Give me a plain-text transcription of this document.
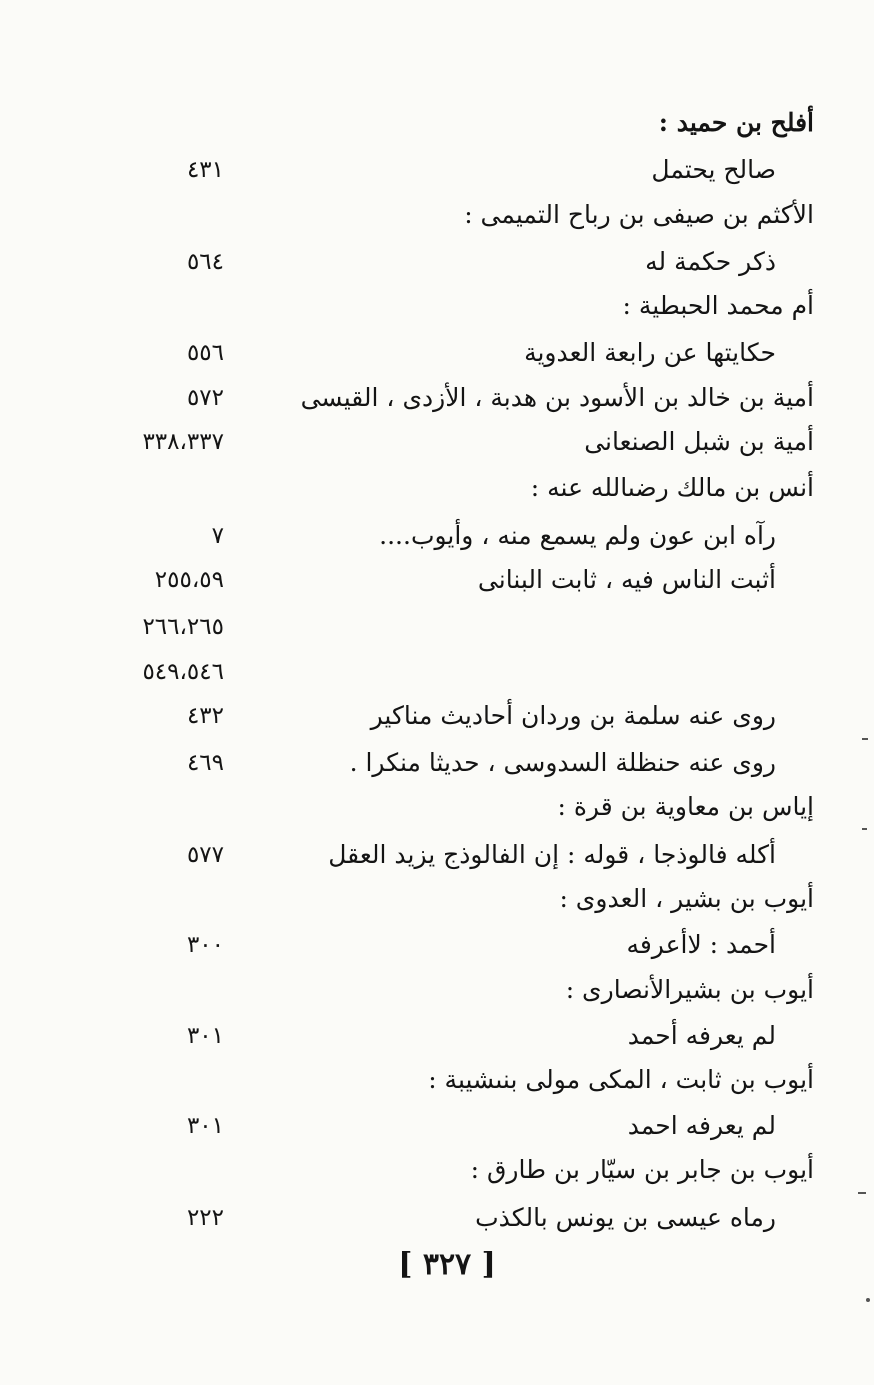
أفلح بن حميد :
صالح يحتمل
٤٣١
الأكثم بن صيفى بن رباح التميمى :
ذكر حكمة له
٥٦٤
أم محمد الحبطية :
حكايتها عن رابعة العدوية
٥٥٦
أمية بن خالد بن الأسود بن هدبة ، الأزدى ، القيسى
٥٧٢
أمية بن شبل الصنعانى
٣٣٨،٣٣٧
أنس بن مالك رضىالله عنه :
رآه ابن عون ولم يسمع منه ، وأيوب....
٧
أثبت الناس فيه ، ثابت البنانى
٢٥٥،٥٩
٢٦٦،٢٦٥
٥٤٩،٥٤٦
روى عنه سلمة بن وردان أحاديث مناكير
٤٣٢
روى عنه حنظلة السدوسى ، حديثا منكرا .
٤٦٩
إياس بن معاوية بن قرة :
أكله فالوذجا ، قوله : إن الفالوذج يزيد العقل
٥٧٧
أيوب بن بشير ، العدوى :
أحمد : لاأعرفه
٣٠٠
أيوب بن بشيرالأنصارى :
لم يعرفه أحمد
٣٠١
أيوب بن ثابت ، المكى مولى بنىشيبة :
لم يعرفه احمد
٣٠١
أيوب بن جابر بن سيّار بن طارق :
رماه عيسى بن يونس بالكذب
٢٢٢
[ ٣٢٧ ]
